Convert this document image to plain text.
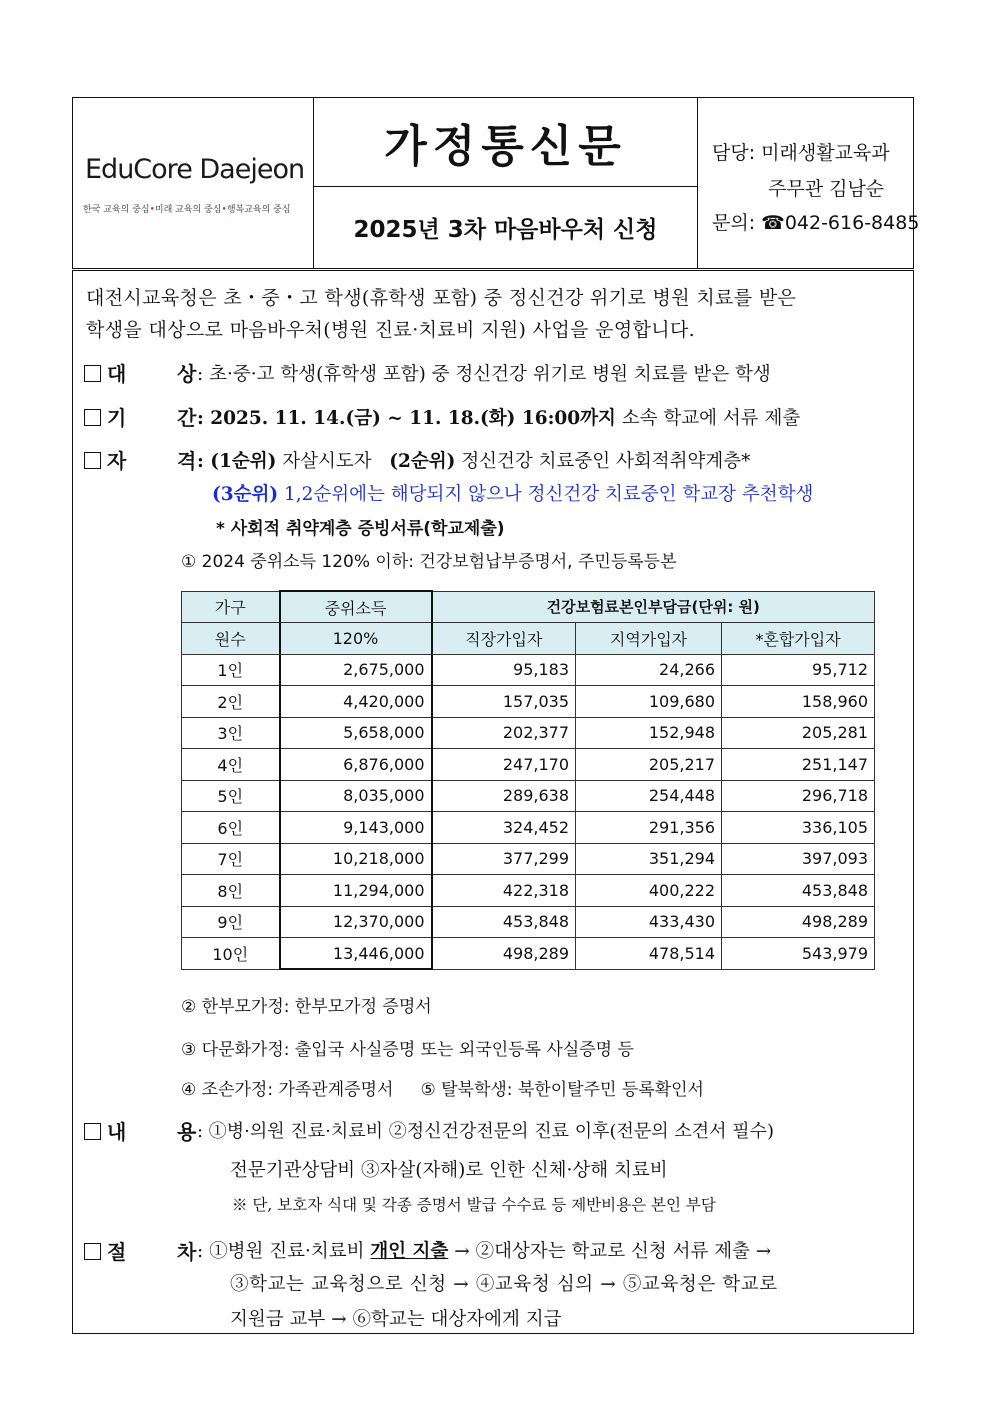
EduCore Daejeon
한국 교육의 중심•미래 교육의 중심•행복교육의 중심
가정통신문
2025년 3차 마음바우처 신청
담당: 미래생활교육과
주무관 김남순
문의: ☎042-616-8485
대전시교육청은 초・중・고 학생(휴학생 포함) 중 정신건강 위기로 병원 치료를 받은
학생을 대상으로 마음바우처(병원 진료·치료비 지원) 사업을 운영합니다.
대	상 : 초·중·고 학생(휴학생 포함) 중 정신건강 위기로 병원 치료를 받은 학생
기	간 : 2025. 11. 14.(금) ~ 11. 18.(화) 16:00까지 소속 학교에 서류 제출
자	격 : (1순위) 자살시도자 (2순위) 정신건강 치료중인 사회적취약계층*
(3순위) 1,2순위에는 해당되지 않으나 정신건강 치료중인 학교장 추천학생
* 사회적 취약계층 증빙서류(학교제출)
① 2024 중위소득 120% 이하: 건강보험납부증명서, 주민등록등본
가구	중위소득	건강보험료본인부담금(단위: 원)		
원수	120%	직장가입자	지역가입자	*혼합가입자
1인	2,675,000	95,183	24,266	95,712
2인	4,420,000	157,035	109,680	158,960
3인	5,658,000	202,377	152,948	205,281
4인	6,876,000	247,170	205,217	251,147
5인	8,035,000	289,638	254,448	296,718
6인	9,143,000	324,452	291,356	336,105
7인	10,218,000	377,299	351,294	397,093
8인	11,294,000	422,318	400,222	453,848
9인	12,370,000	453,848	433,430	498,289
10인	13,446,000	498,289	478,514	543,979
② 한부모가정: 한부모가정 증명서
③ 다문화가정: 출입국 사실증명 또는 외국인등록 사실증명 등
④ 조손가정: 가족관계증명서 ⑤ 탈북학생: 북한이탈주민 등록확인서
내	용 : ①병·의원 진료·치료비 ②정신건강전문의 진료 이후(전문의 소견서 필수)
전문기관상담비 ③자살(자해)로 인한 신체·상해 치료비
※ 단, 보호자 식대 및 각종 증명서 발급 수수료 등 제반비용은 본인 부담
절	차 : ①병원 진료·치료비 개인 지출 → ②대상자는 학교로 신청 서류 제출 →
③학교는 교육청으로 신청 → ④교육청 심의 → ⑤교육청은 학교로
지원금 교부 → ⑥학교는 대상자에게 지급
